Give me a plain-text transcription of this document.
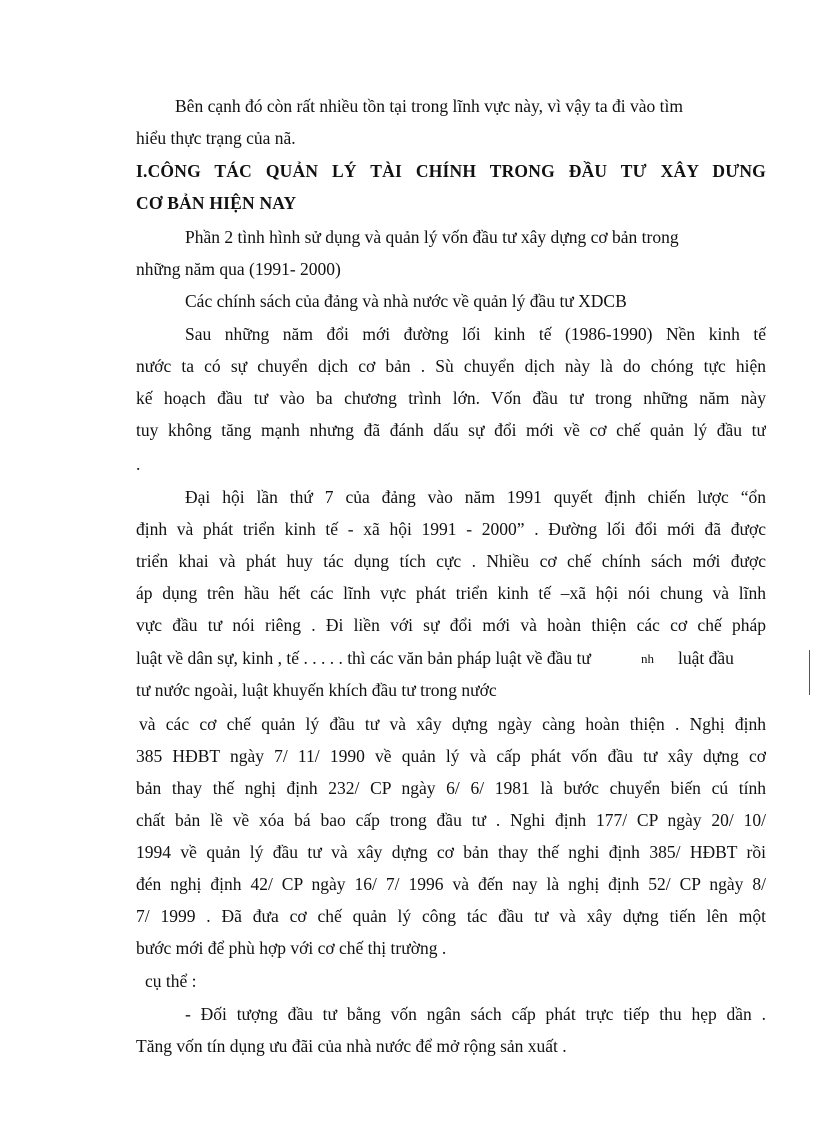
Bên cạnh đó còn rất nhiều tồn tại trong lĩnh vực này, vì vậy ta đi vào tìm
hiểu thực trạng của nã.
I.CÔNG TÁC QUẢN LÝ TÀI CHÍNH TRONG ĐẦU TƯ XÂY DƯNG
CƠ BẢN HIỆN NAY
Phần 2 tình hình sử dụng và quản lý vốn đầu tư xây dựng cơ bản trong
những năm qua (1991- 2000)
Các chính sách của đảng và nhà nước về quản lý đầu tư XDCB
Sau những năm đổi mới đường lối kinh tế (1986-1990) Nền kinh tế
nước ta có sự chuyển dịch cơ bản . Sù chuyển dịch này là do chóng tực hiện
kế hoạch đầu tư vào ba chương trình lớn. Vốn đầu tư trong những năm này
tuy không tăng mạnh nhưng đã đánh dấu sự đổi mới về cơ chế quản lý đầu tư
.
Đại hội lần thứ 7 của đảng vào năm 1991 quyết định chiến lược “ổn
định và phát triển kinh tế - xã hội 1991 - 2000” . Đường lối đổi mới đã được
triển khai và phát huy tác dụng tích cực . Nhiều cơ chế chính sách mới được
áp dụng trên hầu hết các lĩnh vực phát triển kinh tế –xã hội nói chung và lĩnh
vực đầu tư nói riêng . Đi liền với sự đổi mới và hoàn thiện các cơ chế pháp
luật về dân sự, kinh , tế . . . . . thì các văn bản pháp luật về đầu tư	nh	luật đầu
tư nước ngoài, luật khuyến khích đầu tư trong nước
và các cơ chế quản lý đầu tư và xây dựng ngày càng hoàn thiện . Nghị định
385 HĐBT ngày 7/ 11/ 1990 về quản lý và cấp phát vốn đầu tư xây dựng cơ
bản thay thế nghị định 232/ CP ngày 6/ 6/ 1981 là bước chuyển biến cú tính
chất bản lề về xóa bá bao cấp trong đầu tư . Nghi định 177/ CP ngày 20/ 10/
1994 về quản lý đầu tư và xây dựng cơ bản thay thế nghi định 385/ HĐBT rồi
đén nghị định 42/ CP ngày 16/ 7/ 1996 và đến nay là nghị định 52/ CP ngày 8/
7/ 1999 . Đã đưa cơ chế quản lý công tác đầu tư và xây dựng tiến lên một
bước mới để phù hợp với cơ chế thị trường .
cụ thể :
- Đối tượng đầu tư bằng vốn ngân sách cấp phát trực tiếp thu hẹp dần .
Tăng vốn tín dụng ưu đãi của nhà nước để mở rộng sản xuất .
